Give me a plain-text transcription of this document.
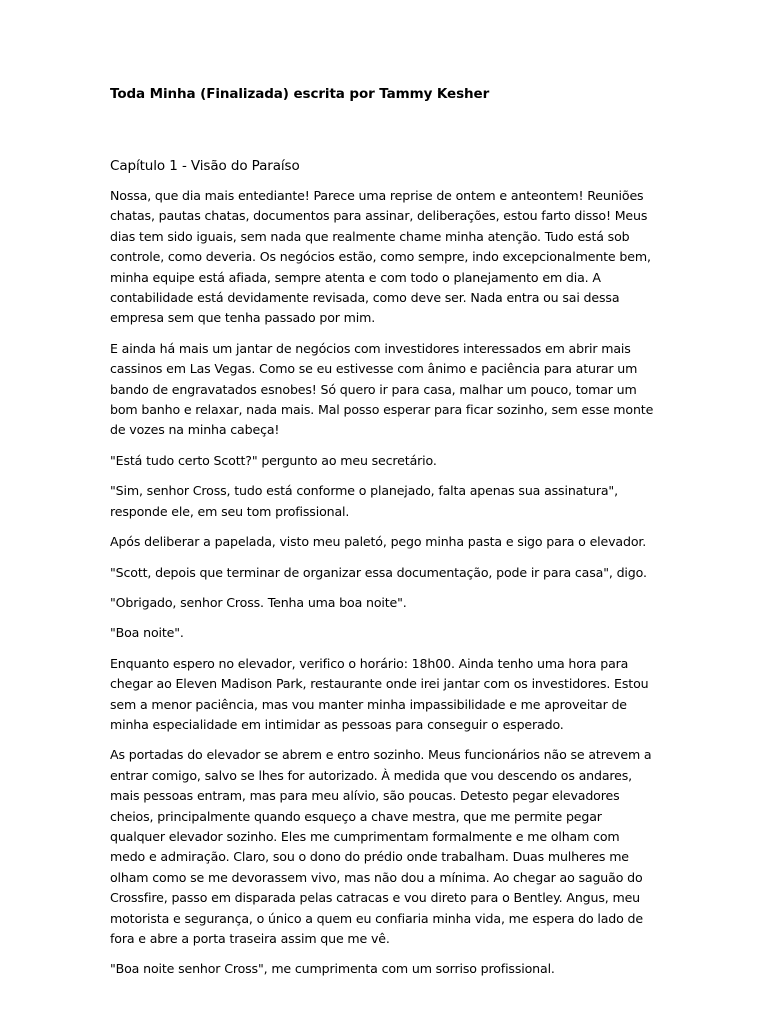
Toda Minha (Finalizada) escrita por Tammy Kesher

Capítulo 1 - Visão do Paraíso

Nossa, que dia mais entediante! Parece uma reprise de ontem e anteontem! Reuniões chatas, pautas chatas, documentos para assinar, deliberações, estou farto disso! Meus dias tem sido iguais, sem nada que realmente chame minha atenção. Tudo está sob controle, como deveria. Os negócios estão, como sempre, indo excepcionalmente bem, minha equipe está afiada, sempre atenta e com todo o planejamento em dia. A contabilidade está devidamente revisada, como deve ser. Nada entra ou sai dessa empresa sem que tenha passado por mim.

E ainda há mais um jantar de negócios com investidores interessados em abrir mais cassinos em Las Vegas. Como se eu estivesse com ânimo e paciência para aturar um bando de engravatados esnobes! Só quero ir para casa, malhar um pouco, tomar um bom banho e relaxar, nada mais. Mal posso esperar para ficar sozinho, sem esse monte de vozes na minha cabeça!

"Está tudo certo Scott?" pergunto ao meu secretário.

"Sim, senhor Cross, tudo está conforme o planejado, falta apenas sua assinatura", responde ele, em seu tom profissional.

Após deliberar a papelada, visto meu paletó, pego minha pasta e sigo para o elevador.

"Scott, depois que terminar de organizar essa documentação, pode ir para casa", digo.

"Obrigado, senhor Cross. Tenha uma boa noite".

"Boa noite".

Enquanto espero no elevador, verifico o horário: 18h00. Ainda tenho uma hora para chegar ao Eleven Madison Park, restaurante onde irei jantar com os investidores. Estou sem a menor paciência, mas vou manter minha impassibilidade e me aproveitar de minha especialidade em intimidar as pessoas para conseguir o esperado.

As portadas do elevador se abrem e entro sozinho. Meus funcionários não se atrevem a entrar comigo, salvo se lhes for autorizado. À medida que vou descendo os andares, mais pessoas entram, mas para meu alívio, são poucas. Detesto pegar elevadores cheios, principalmente quando esqueço a chave mestra, que me permite pegar qualquer elevador sozinho. Eles me cumprimentam formalmente e me olham com medo e admiração. Claro, sou o dono do prédio onde trabalham. Duas mulheres me olham como se me devorassem vivo, mas não dou a mínima. Ao chegar ao saguão do Crossfire, passo em disparada pelas catracas e vou direto para o Bentley. Angus, meu motorista e segurança, o único a quem eu confiaria minha vida, me espera do lado de fora e abre a porta traseira assim que me vê.

"Boa noite senhor Cross", me cumprimenta com um sorriso profissional.
